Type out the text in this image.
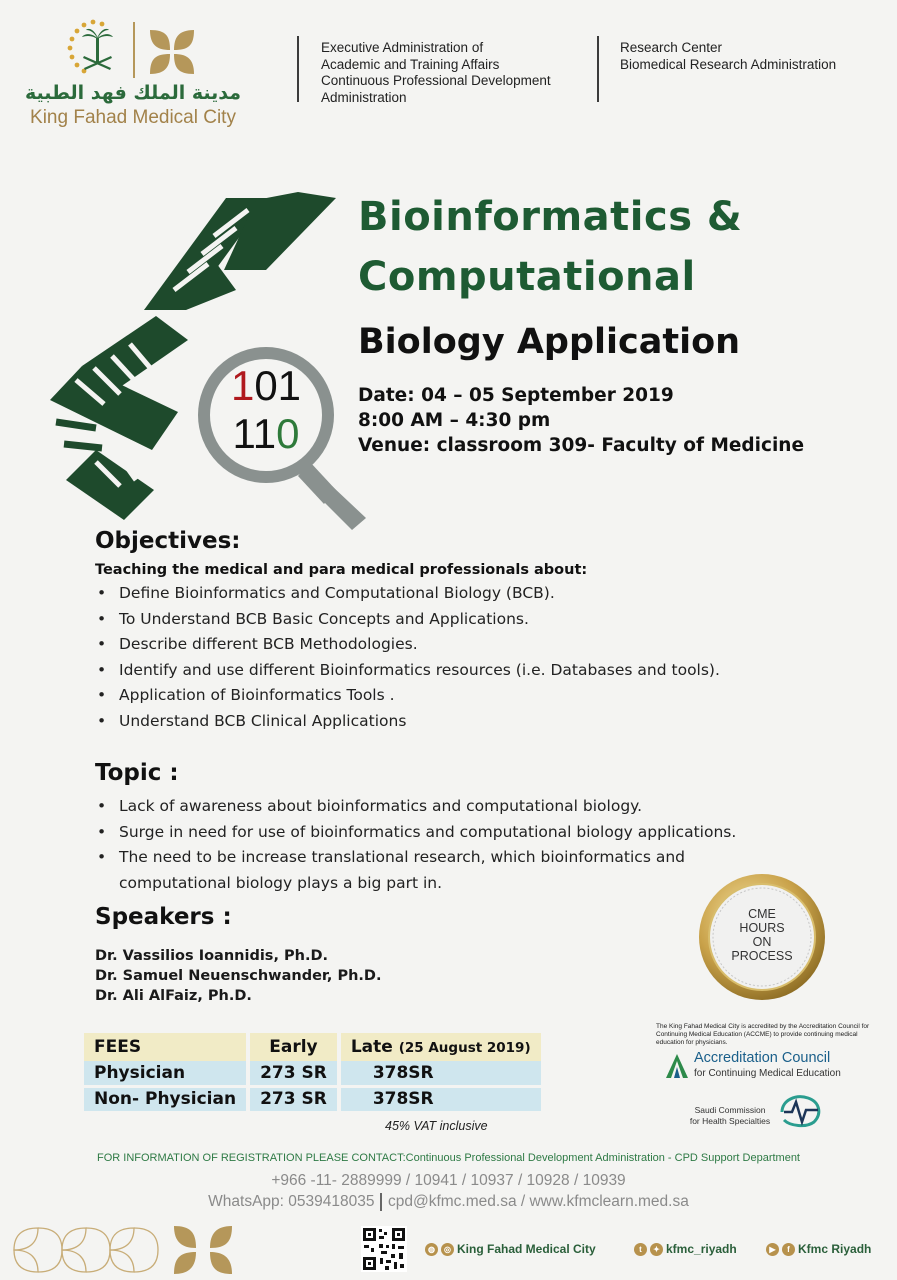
مدينة الملك فهد الطبية
King Fahad Medical City
Executive Administration of
Academic and Training Affairs
Continuous Professional Development
Administration
Research Center
Biomedical Research Administration
101
110
Bioinformatics &
Computational
Biology Application
Date: 04 – 05 September 2019
8:00 AM – 4:30 pm
Venue: classroom 309- Faculty of Medicine
Objectives:
Teaching the medical and para medical professionals about:
• Define Bioinformatics and Computational Biology (BCB).
• To Understand BCB Basic Concepts and Applications.
• Describe different BCB Methodologies.
• Identify and use different Bioinformatics resources (i.e. Databases and tools).
• Application of Bioinformatics Tools .
• Understand BCB Clinical Applications
Topic :
• Lack of awareness about bioinformatics and computational biology.
• Surge in need for use of bioinformatics and computational biology applications.
• The need to be increase translational research, which bioinformatics and computational biology plays a big part in.
Speakers :
Dr. Vassilios Ioannidis, Ph.D.
Dr. Samuel Neuenschwander, Ph.D.
Dr. Ali AlFaiz, Ph.D.
FEES	Early	Late (25 August 2019)
Physician	273 SR	378SR
Non- Physician	273 SR	378SR
45% VAT inclusive
CME
HOURS
ON
PROCESS
The King Fahad Medical City is accredited by the Accreditation Council for Continuing Medical Education (ACCME) to provide continuing medical education for physicians.
Accreditation Council
for Continuing Medical Education
Saudi Commission
for Health Specialties
FOR INFORMATION OF REGISTRATION PLEASE CONTACT:Continuous Professional Development Administration - CPD Support Department
+966 -11- 2889999 / 10941 / 10937 / 10928 / 10939
WhatsApp: 0539418035 cpd@kfmc.med.sa / www.kfmclearn.med.sa
◍	◎ King Fahad Medical City	t	✦ kfmc_riyadh	▶	f Kfmc Riyadh
